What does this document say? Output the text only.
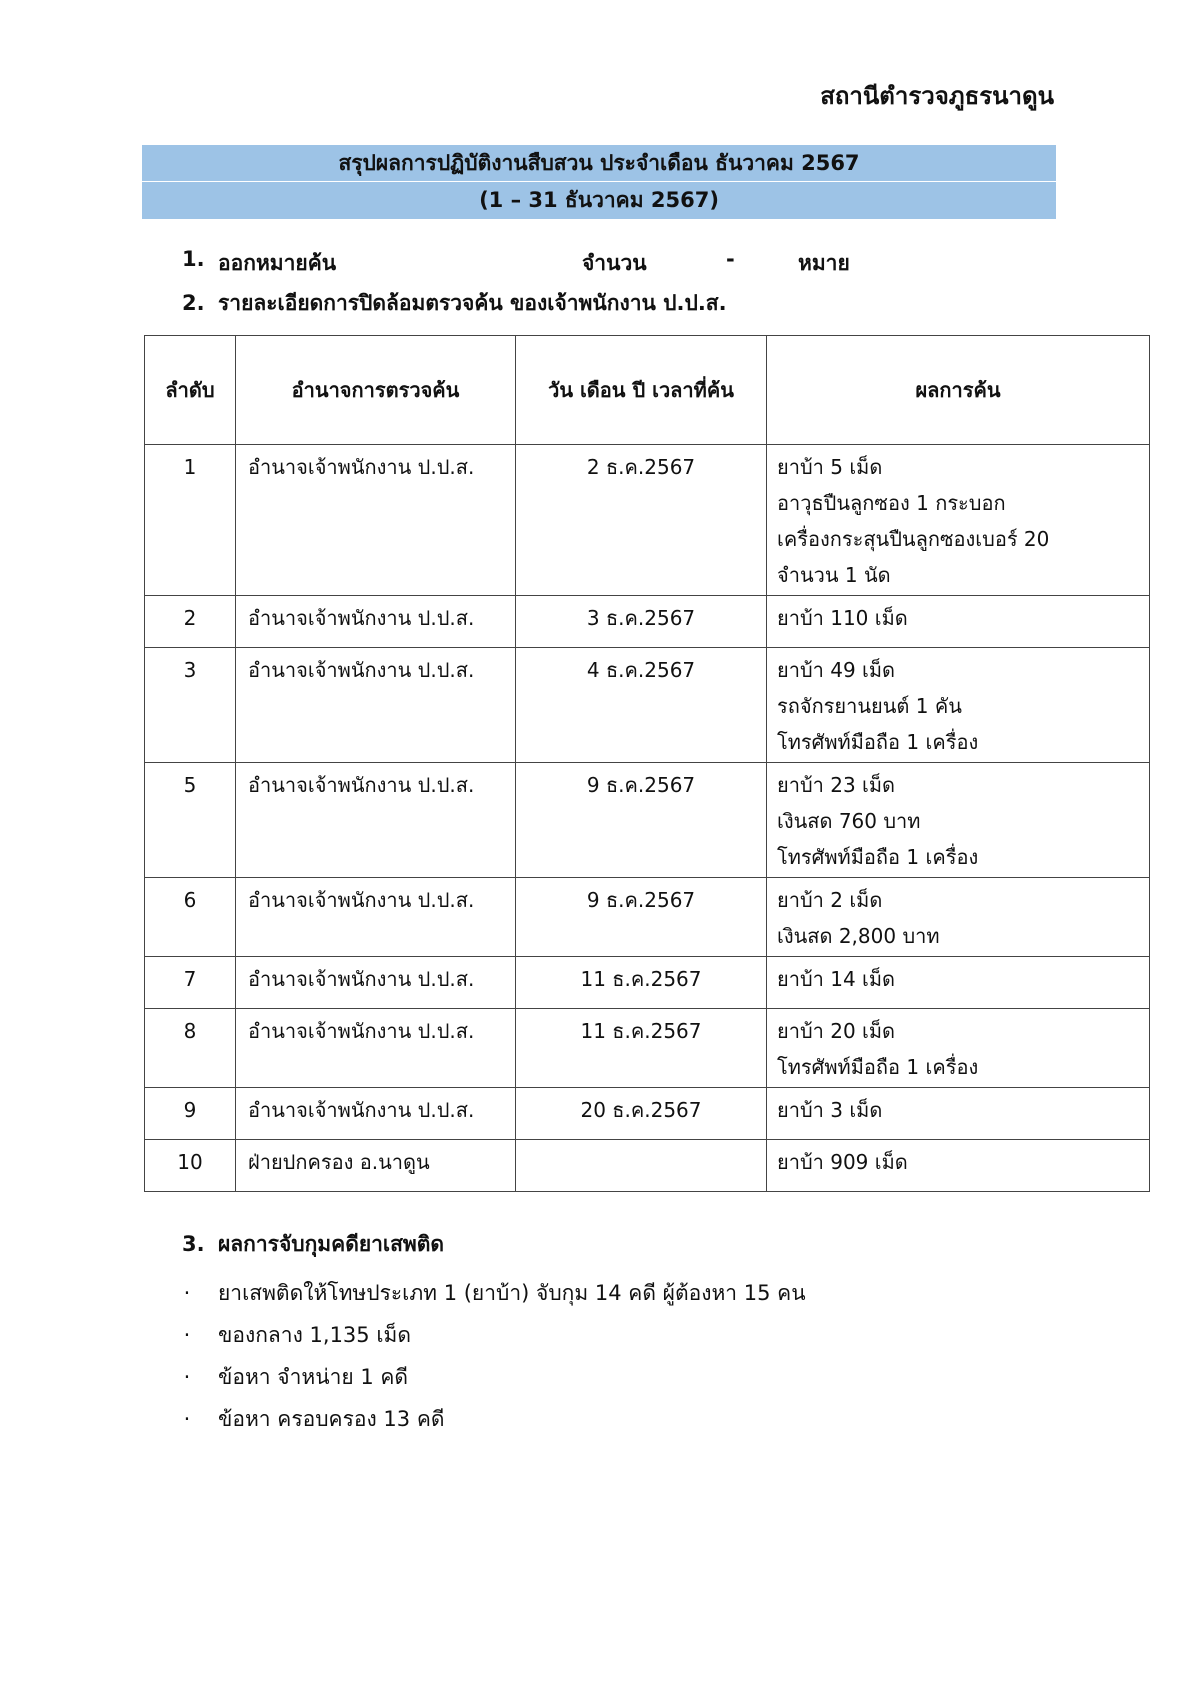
สถานีตำรวจภูธรนาดูน
สรุปผลการปฏิบัติงานสืบสวน ประจำเดือน ธันวาคม 2567
(1 – 31 ธันวาคม 2567)
1. ออกหมายค้น	จำนวน	-	หมาย
2. รายละเอียดการปิดล้อมตรวจค้น ของเจ้าพนักงาน ป.ป.ส.
ลำดับ	อำนาจการตรวจค้น	วัน เดือน ปี เวลาที่ค้น	ผลการค้น
1	อำนาจเจ้าพนักงาน ป.ป.ส.	2 ธ.ค.2567	ยาบ้า 5 เม็ด
อาวุธปืนลูกซอง 1 กระบอก
เครื่องกระสุนปืนลูกซองเบอร์ 20
จำนวน 1 นัด

2	อำนาจเจ้าพนักงาน ป.ป.ส.	3 ธ.ค.2567	ยาบ้า 110 เม็ด

3	อำนาจเจ้าพนักงาน ป.ป.ส.	4 ธ.ค.2567	ยาบ้า 49 เม็ด
รถจักรยานยนต์ 1 คัน
โทรศัพท์มือถือ 1 เครื่อง

5	อำนาจเจ้าพนักงาน ป.ป.ส.	9 ธ.ค.2567	ยาบ้า 23 เม็ด
เงินสด 760 บาท
โทรศัพท์มือถือ 1 เครื่อง

6	อำนาจเจ้าพนักงาน ป.ป.ส.	9 ธ.ค.2567	ยาบ้า 2 เม็ด
เงินสด 2,800 บาท

7	อำนาจเจ้าพนักงาน ป.ป.ส.	11 ธ.ค.2567	ยาบ้า 14 เม็ด

8	อำนาจเจ้าพนักงาน ป.ป.ส.	11 ธ.ค.2567	ยาบ้า 20 เม็ด
โทรศัพท์มือถือ 1 เครื่อง

9	อำนาจเจ้าพนักงาน ป.ป.ส.	20 ธ.ค.2567	ยาบ้า 3 เม็ด

10	ฝ่ายปกครอง อ.นาดูน		ยาบ้า 909 เม็ด
3. ผลการจับกุมคดียาเสพติด
· ยาเสพติดให้โทษประเภท 1 (ยาบ้า) จับกุม 14 คดี ผู้ต้องหา 15 คน
· ของกลาง 1,135 เม็ด
· ข้อหา จำหน่าย 1 คดี
· ข้อหา ครอบครอง 13 คดี
